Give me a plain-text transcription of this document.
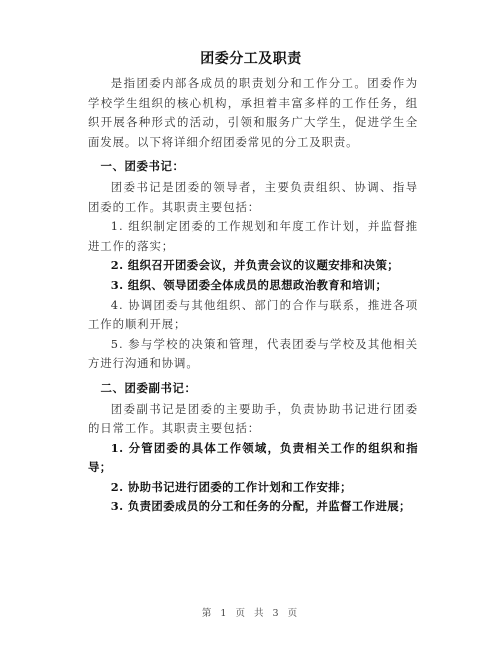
团委分工及职责

是指团委内部各成员的职责划分和工作分工。团委作为学校学生组织的核心机构，承担着丰富多样的工作任务，组织开展各种形式的活动，引领和服务广大学生，促进学生全面发展。以下将详细介绍团委常见的分工及职责。

一、团委书记：

团委书记是团委的领导者，主要负责组织、协调、指导团委的工作。其职责主要包括：

1. 组织制定团委的工作规划和年度工作计划，并监督推进工作的落实；

2. 组织召开团委会议，并负责会议的议题安排和决策；

3. 组织、领导团委全体成员的思想政治教育和培训；

4. 协调团委与其他组织、部门的合作与联系，推进各项工作的顺利开展；

5. 参与学校的决策和管理，代表团委与学校及其他相关方进行沟通和协调。

二、团委副书记：

团委副书记是团委的主要助手，负责协助书记进行团委的日常工作。其职责主要包括：

1. 分管团委的具体工作领域，负责相关工作的组织和指导；

2. 协助书记进行团委的工作计划和工作安排；

3. 负责团委成员的分工和任务的分配，并监督工作进展；

第 1 页 共 3 页
